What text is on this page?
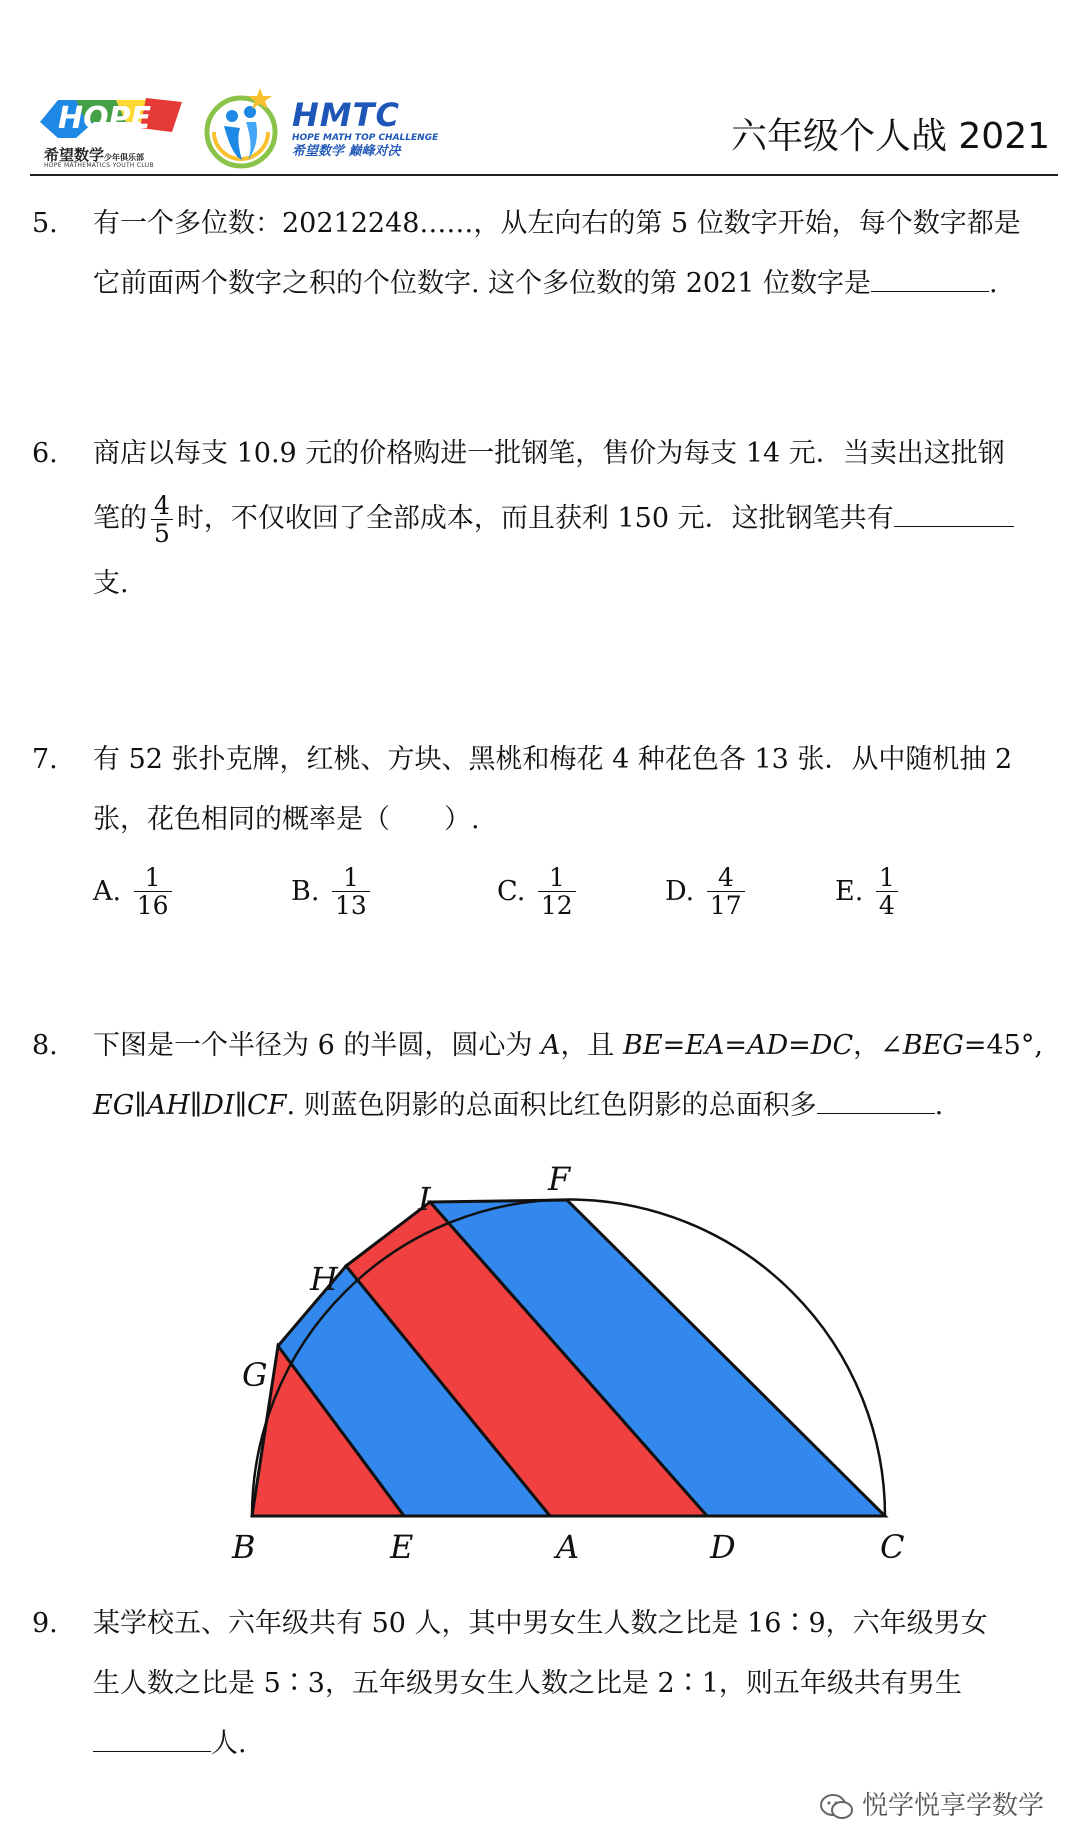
HOPE
希望数学少年俱乐部
HOPE MATHEMATICS YOUTH CLUB
HMTC
HOPE MATH TOP CHALLENGE
希望数学 巅峰对决	六年级个人战 2021
5. 有一个多位数：20212248……，从左向右的第 5 位数字开始，每个数字都是
它前面两个数字之积的个位数字. 这个多位数的第 2021 位数字是	.
6. 商店以每支 10.9 元的价格购进一批钢笔，售价为每支 14 元．当卖出这批钢
笔的 $\frac{4}{5}$ 时，不仅收回了全部成本，而且获利 150 元．这批钢笔共有
支.
7. 有 52 张扑克牌，红桃、方块、黑桃和梅花 4 种花色各 13 张．从中随机抽 2
张，花色相同的概率是（　　）.
A. $\frac{1}{16}$	B. $\frac{1}{13}$	C. $\frac{1}{12}$	D. $\frac{4}{17}$	E. $\frac{1}{4}$
8. 下图是一个半径为 6 的半圆，圆心为 A，且 BE=EA=AD=DC，∠BEG=45°,
EG∥AH∥DI∥CF. 则蓝色阴影的总面积比红色阴影的总面积多	.
B	E	A	D	C
G
H
I
F
9. 某学校五、六年级共有 50 人，其中男女生人数之比是 16∶9，六年级男女
生人数之比是 5∶3，五年级男女生人数之比是 2∶1，则五年级共有男生
人.
悦学悦享学数学
